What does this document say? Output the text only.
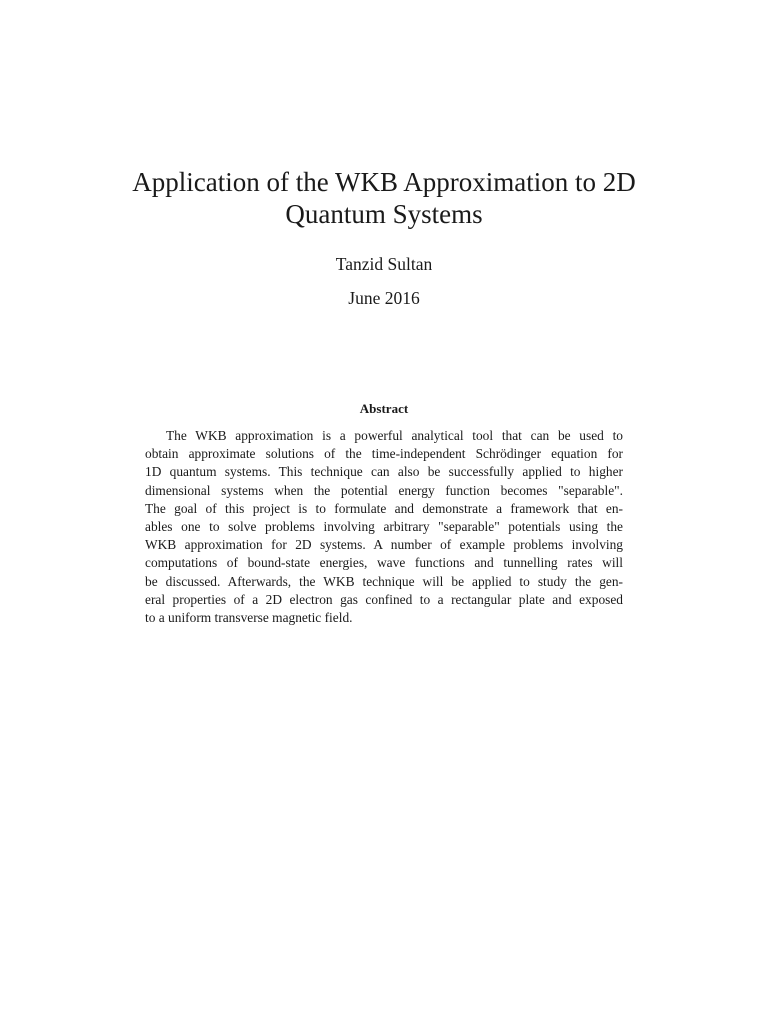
Application of the WKB Approximation to 2D
Quantum Systems

Tanzid Sultan

June 2016

Abstract
The WKB approximation is a powerful analytical tool that can be used to
obtain approximate solutions of the time-independent Schrödinger equation for
1D quantum systems. This technique can also be successfully applied to higher
dimensional systems when the potential energy function becomes "separable".
The goal of this project is to formulate and demonstrate a framework that en-
ables one to solve problems involving arbitrary "separable" potentials using the
WKB approximation for 2D systems. A number of example problems involving
computations of bound-state energies, wave functions and tunnelling rates will
be discussed. Afterwards, the WKB technique will be applied to study the gen-
eral properties of a 2D electron gas confined to a rectangular plate and exposed
to a uniform transverse magnetic field.
